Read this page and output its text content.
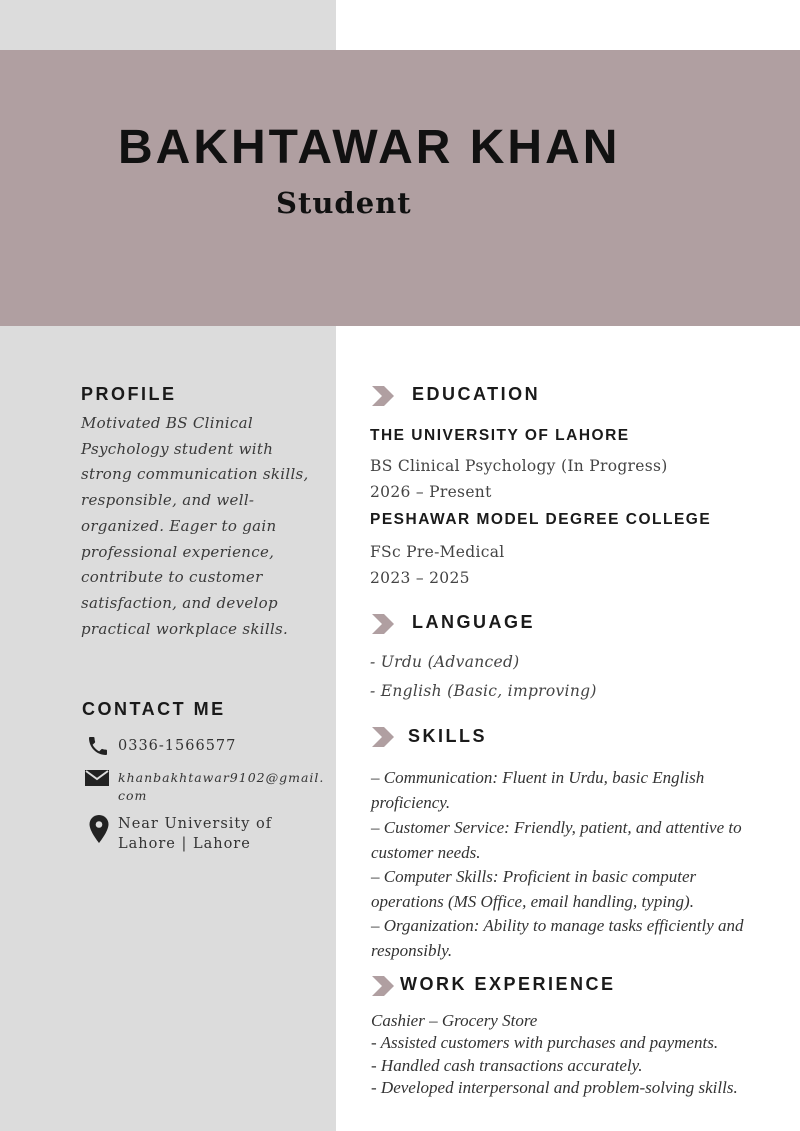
BAKHTAWAR KHAN
Student
PROFILE
Motivated BS Clinical Psychology student with strong communication skills, responsible, and well-organized. Eager to gain professional experience, contribute to customer satisfaction, and develop practical workplace skills.
CONTACT ME
0336-1566577
khanbakhtawar9102@gmail.
com
Near University of
Lahore | Lahore
EDUCATION
THE UNIVERSITY OF LAHORE
BS Clinical Psychology (In Progress)
2026 – Present
PESHAWAR MODEL DEGREE COLLEGE
FSc Pre-Medical
2023 – 2025
LANGUAGE
- Urdu (Advanced)
- English (Basic, improving)
SKILLS
– Communication: Fluent in Urdu, basic English
proficiency.
– Customer Service: Friendly, patient, and attentive to
customer needs.
– Computer Skills: Proficient in basic computer
operations (MS Office, email handling, typing).
– Organization: Ability to manage tasks efficiently and
responsibly.
WORK EXPERIENCE
Cashier – Grocery Store
- Assisted customers with purchases and payments.
- Handled cash transactions accurately.
- Developed interpersonal and problem-solving skills.
